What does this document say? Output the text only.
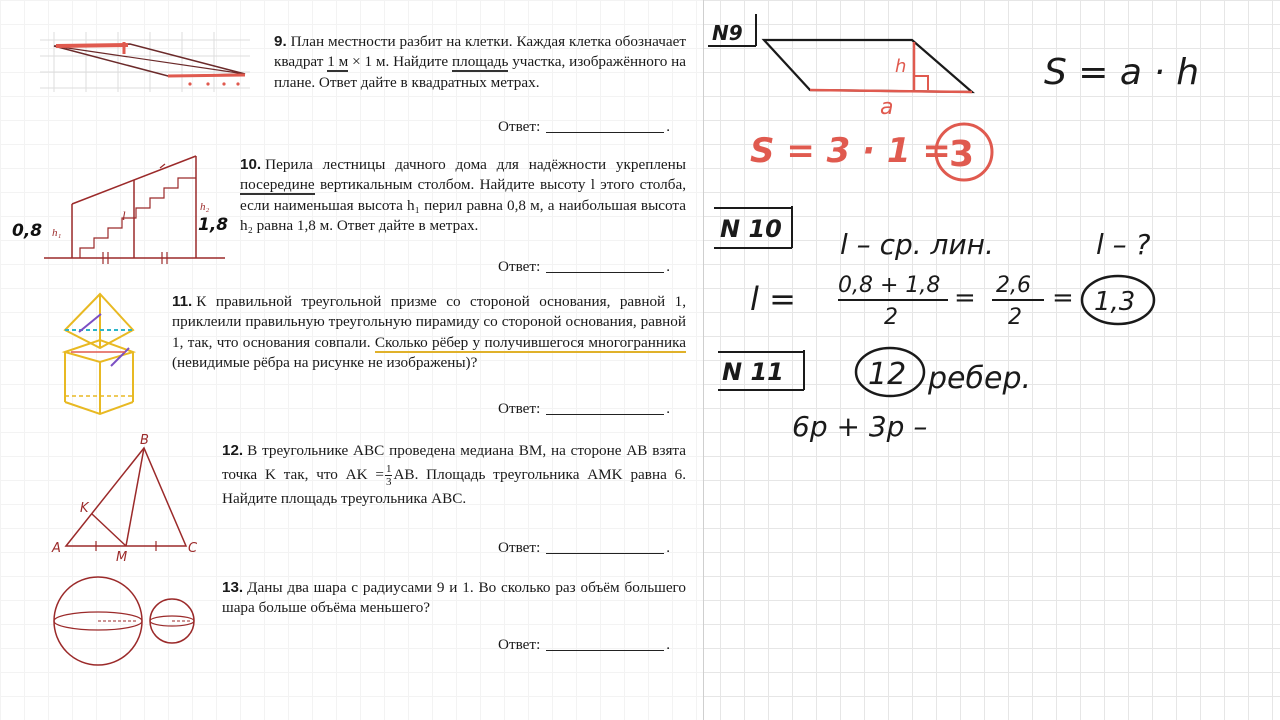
9. План местности разбит на клетки. Каждая клетка обозначает квадрат 1 м × 1 м. Найдите площадь участка, изображённого на плане. Ответ дайте в квадратных метрах.
Ответ:	.
0,8	1,8
h₁
h₂
l
10. Перила лестницы дачного дома для надёжности укреплены посередине вертикальным столбом. Найдите высоту l этого столба, если наименьшая высота h₁ перил равна 0,8 м, а наибольшая высота h₂ равна 1,8 м. Ответ дайте в метрах.
Ответ:	.
11. К правильной треугольной призме со стороной основания, равной 1, приклеили правильную треугольную пирамиду со стороной основания, равной 1, так, что основания совпали. Сколько рёбер у получившегося многогранника (невидимые рёбра на рисунке не изображены)?
Ответ:	.
A
B
C
K
M
12. В треугольнике ABC проведена медиана BM, на стороне AB взята точка K так, что AK = $\frac{1}{3}$ AB. Площадь треугольника AMK равна 6. Найдите площадь треугольника ABC.
Ответ:	.
13. Даны два шара с радиусами 9 и 1. Во сколько раз объём большего шара больше объёма меньшего?
Ответ:	.
N9
h
a
S = a · h
S = 3 · 1 =
3
N 10 l – ср. лин.	l – ?
l = 0,8 + 1,8
2
= 2,6
2
= 1,3
N 11	12 ребер.
6р + 3р –
